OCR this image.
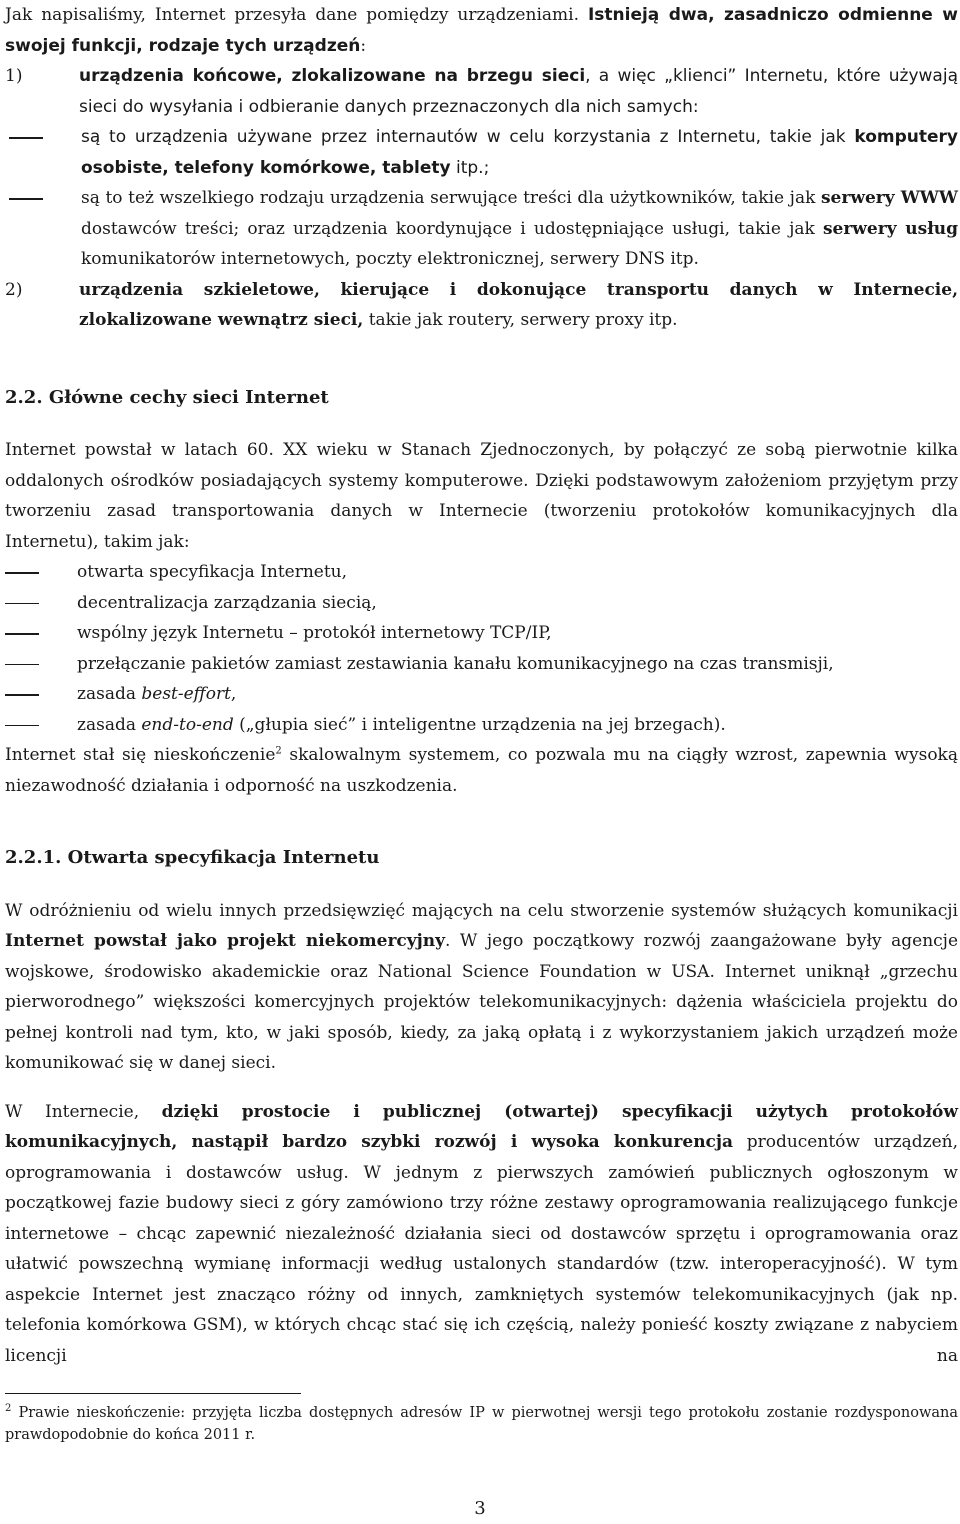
Jak napisaliśmy, Internet przesyła dane pomiędzy urządzeniami. Istnieją dwa, zasadniczo odmienne w swojej funkcji, rodzaje tych urządzeń:

1)	urządzenia końcowe, zlokalizowane na brzegu sieci, a więc „klienci” Internetu, które używają sieci do wysyłania i odbieranie danych przeznaczonych dla nich samych:
są to urządzenia używane przez internautów w celu korzystania z Internetu, takie jak komputery osobiste, telefony komórkowe, tablety itp.;
są to też wszelkiego rodzaju urządzenia serwujące treści dla użytkowników, takie jak serwery WWW dostawców treści; oraz urządzenia koordynujące i udostępniające usługi, takie jak serwery usług komunikatorów internetowych, poczty elektronicznej, serwery DNS itp.
2)	urządzenia szkieletowe, kierujące i dokonujące transportu danych w Internecie, zlokalizowane wewnątrz sieci, takie jak routery, serwery proxy itp.
2.2. Główne cechy sieci Internet

Internet powstał w latach 60. XX wieku w Stanach Zjednoczonych, by połączyć ze sobą pierwotnie kilka oddalonych ośrodków posiadających systemy komputerowe. Dzięki podstawowym założeniom przyjętym przy tworzeniu zasad transportowania danych w Internecie (tworzeniu protokołów komunikacyjnych dla Internetu), takim jak:

otwarta specyfikacja Internetu,
decentralizacja zarządzania siecią,
wspólny język Internetu – protokół internetowy TCP/IP,
przełączanie pakietów zamiast zestawiania kanału komunikacyjnego na czas transmisji,
zasada best-effort,
zasada end-to-end („głupia sieć” i inteligentne urządzenia na jej brzegach).

Internet stał się nieskończenie$^2$ skalowalnym systemem, co pozwala mu na ciągły wzrost, zapewnia wysoką niezawodność działania i odporność na uszkodzenia.

2.2.1. Otwarta specyfikacja Internetu

W odróżnieniu od wielu innych przedsięwzięć mających na celu stworzenie systemów służących komunikacji Internet powstał jako projekt niekomercyjny. W jego początkowy rozwój zaangażowane były agencje wojskowe, środowisko akademickie oraz National Science Foundation w USA. Internet uniknął „grzechu pierworodnego” większości komercyjnych projektów telekomunikacyjnych: dążenia właściciela projektu do pełnej kontroli nad tym, kto, w jaki sposób, kiedy, za jaką opłatą i z wykorzystaniem jakich urządzeń może komunikować się w danej sieci.

W Internecie, dzięki prostocie i publicznej (otwartej) specyfikacji użytych protokołów komunikacyjnych, nastąpił bardzo szybki rozwój i wysoka konkurencja producentów urządzeń, oprogramowania i dostawców usług. W jednym z pierwszych zamówień publicznych ogłoszonym w początkowej fazie budowy sieci z góry zamówiono trzy różne zestawy oprogramowania realizującego funkcje internetowe – chcąc zapewnić niezależność działania sieci od dostawców sprzętu i oprogramowania oraz ułatwić powszechną wymianę informacji według ustalonych standardów (tzw. interoperacyjność). W tym aspekcie Internet jest znacząco różny od innych, zamkniętych systemów telekomunikacyjnych (jak np. telefonia komórkowa GSM), w których chcąc stać się ich częścią, należy ponieść koszty związane z nabyciem licencji na

$^2$ Prawie nieskończenie: przyjęta liczba dostępnych adresów IP w pierwotnej wersji tego protokołu zostanie rozdysponowana prawdopodobnie do końca 2011 r.

3
